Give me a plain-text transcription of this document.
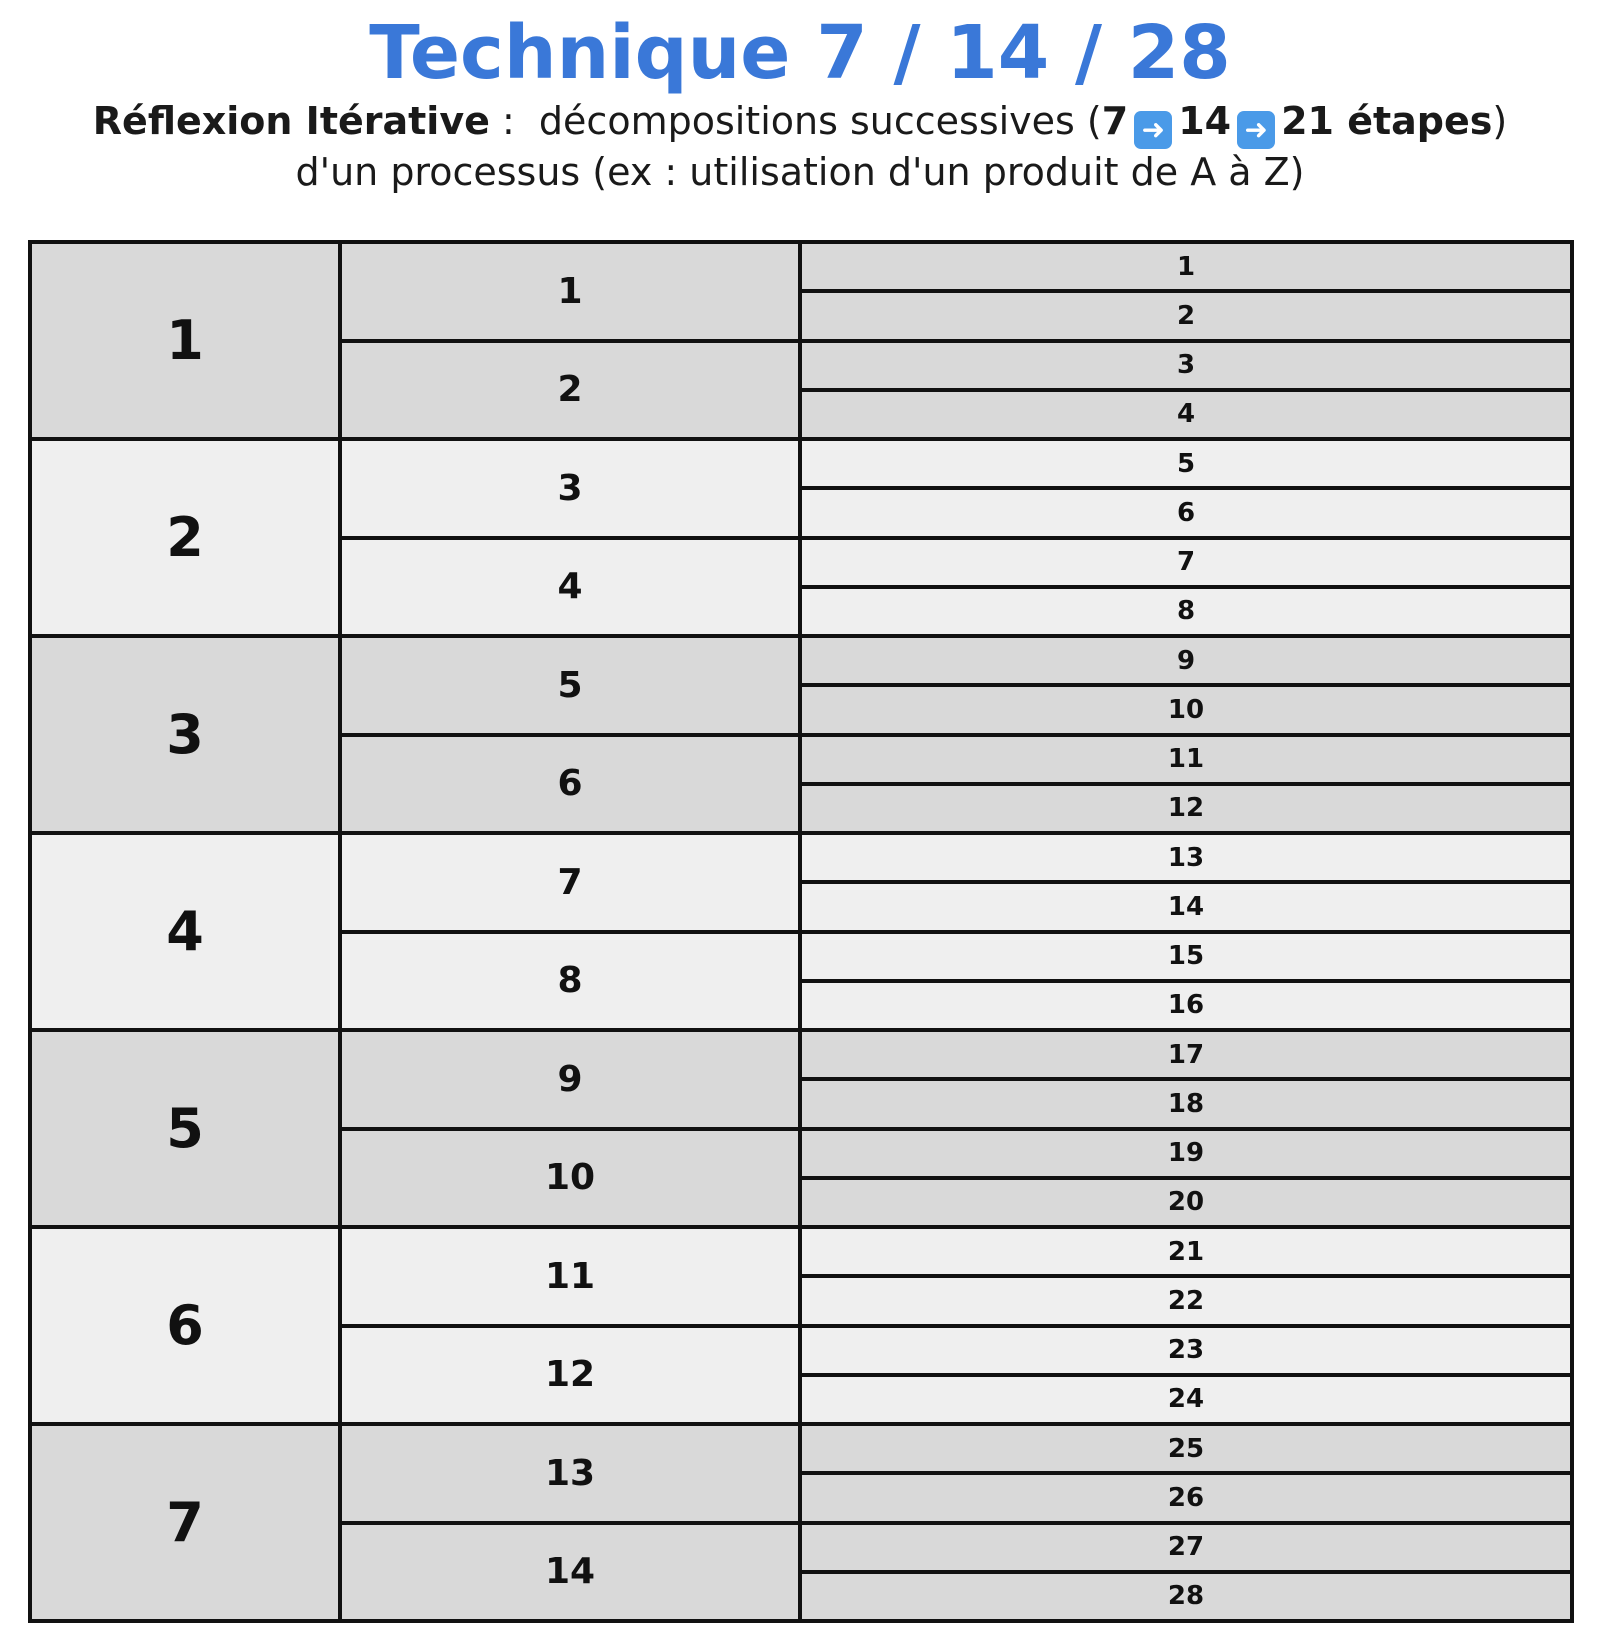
Technique 7 / 14 / 28
Réflexion Itérative :  décompositions successives (7 ➜ 14 ➜ 21 étapes)
d'un processus (ex : utilisation d'un produit de A à Z)
1
2
3
4
5
6
7
1
2
3
4
5
6
7
8
9
10
11
12
13
14
1
2
3
4
5
6
7
8
9
10
11
12
13
14
15
16
17
18
19
20
21
22
23
24
25
26
27
28
